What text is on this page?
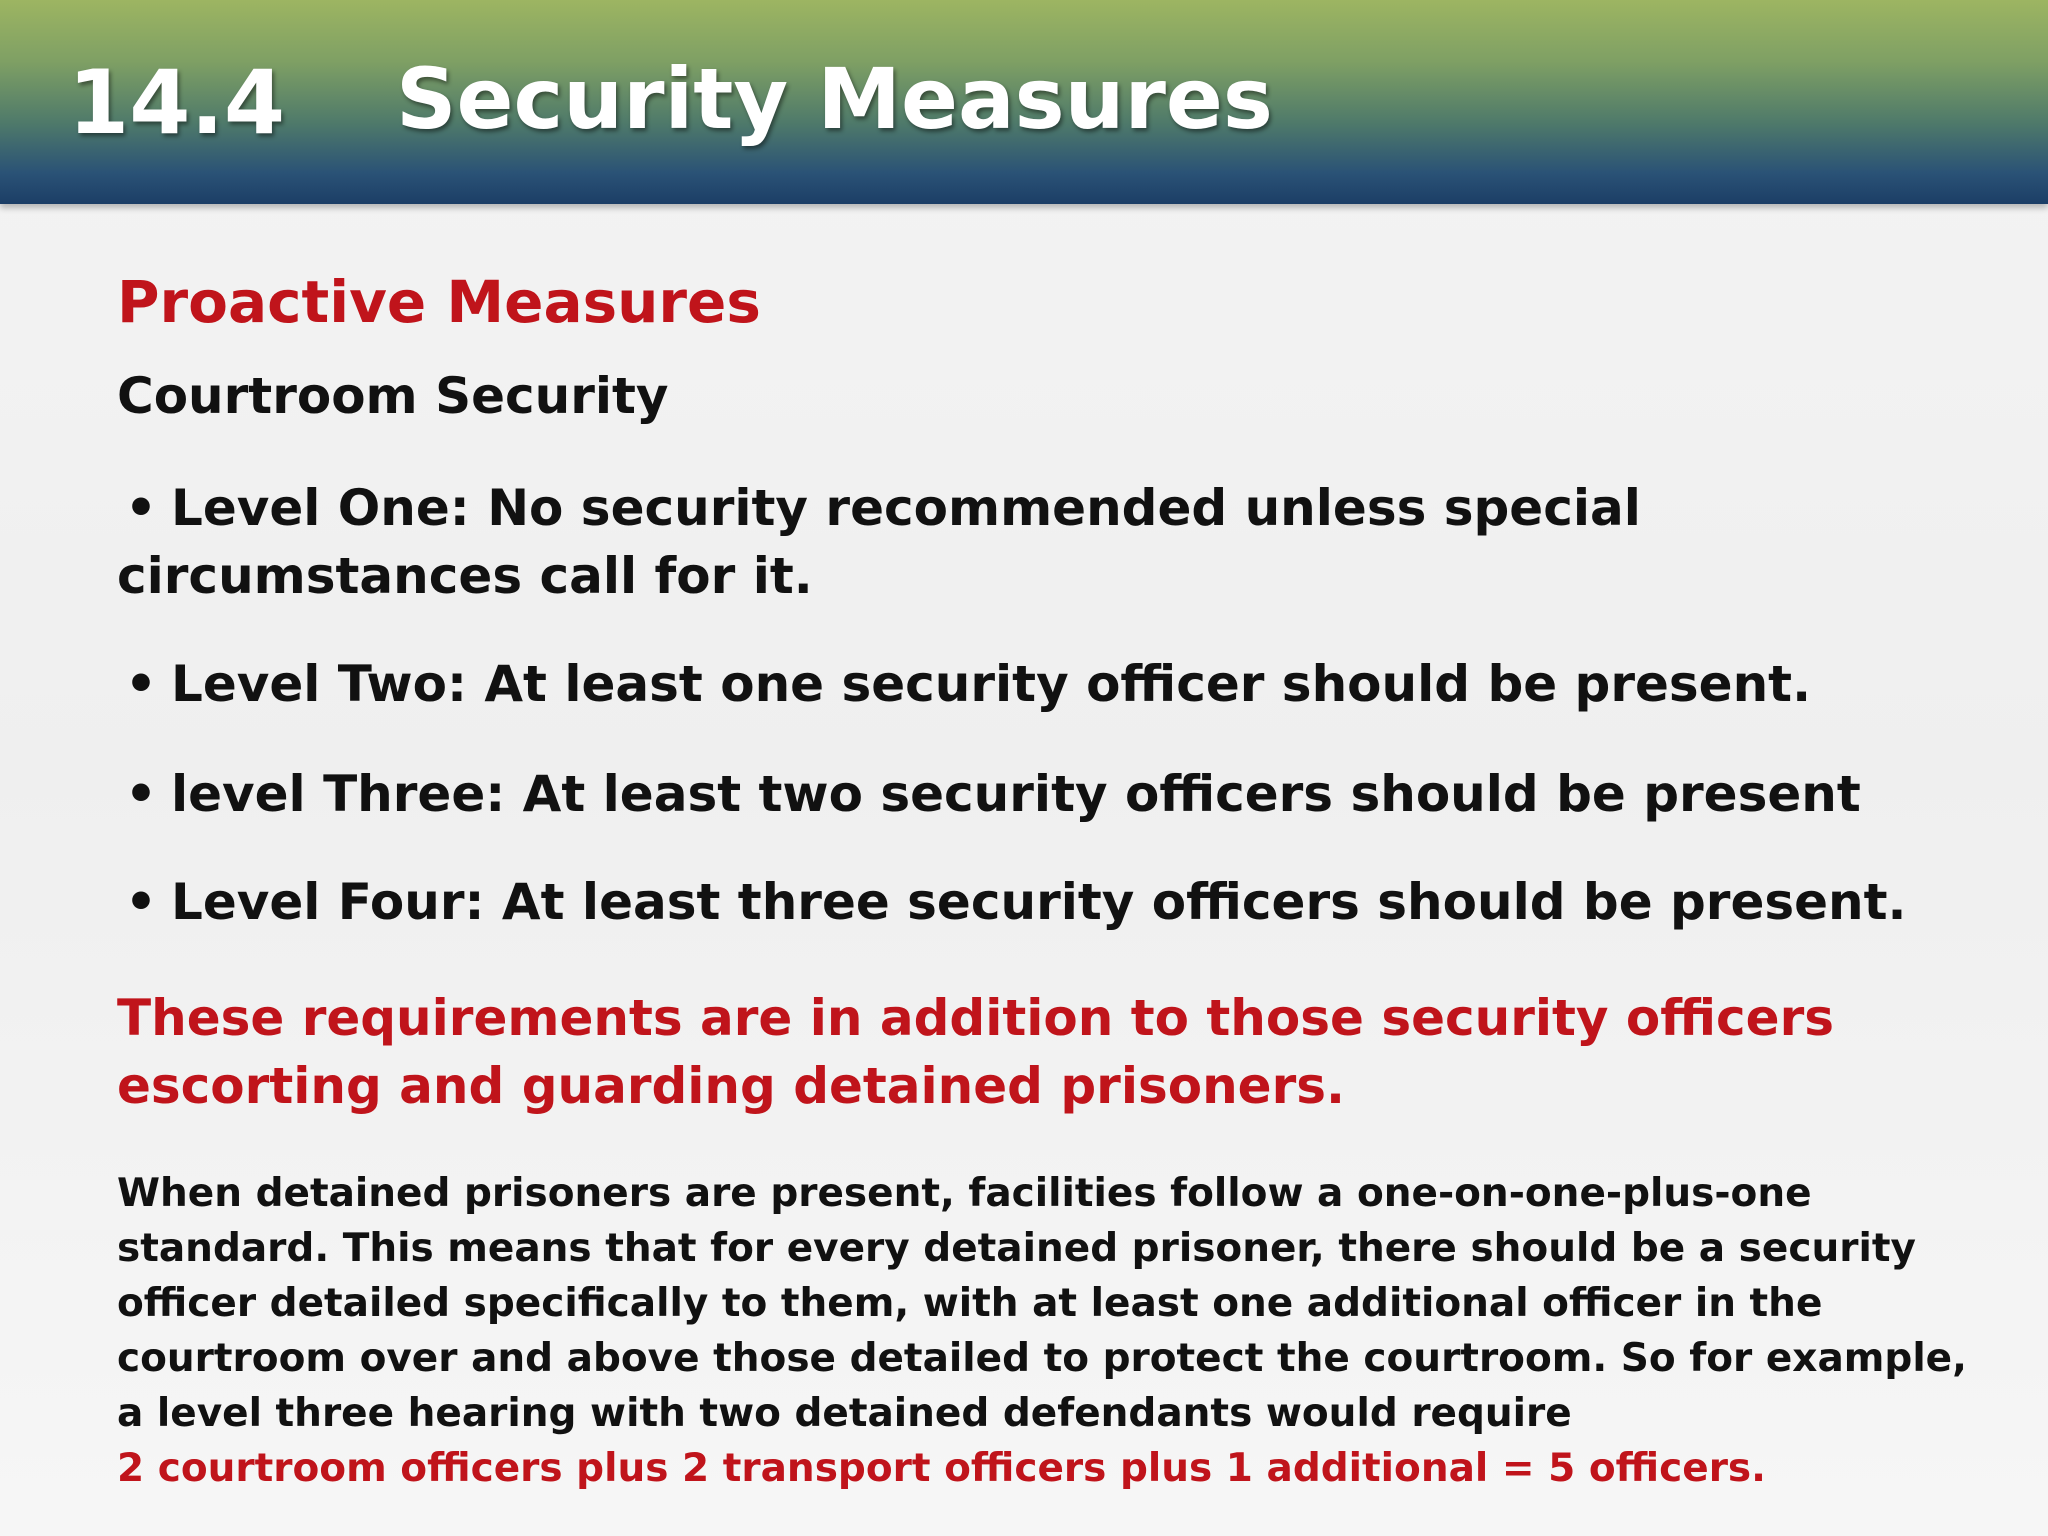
14.4 Security Measures
Proactive Measures
Courtroom Security
• Level One: No security recommended unless special circumstances call for it.
• Level Two: At least one security officer should be present.
• level Three: At least two security officers should be present
• Level Four: At least three security officers should be present.
These requirements are in addition to those security officers escorting and guarding detained prisoners.
When detained prisoners are present, facilities follow a one-on-one-plus-one standard. This means that for every detained prisoner, there should be a security officer detailed specifically to them, with at least one additional officer in the courtroom over and above those detailed to protect the courtroom. So for example, a level three hearing with two detained defendants would require
2 courtroom officers plus 2 transport officers plus 1 additional = 5 officers.
